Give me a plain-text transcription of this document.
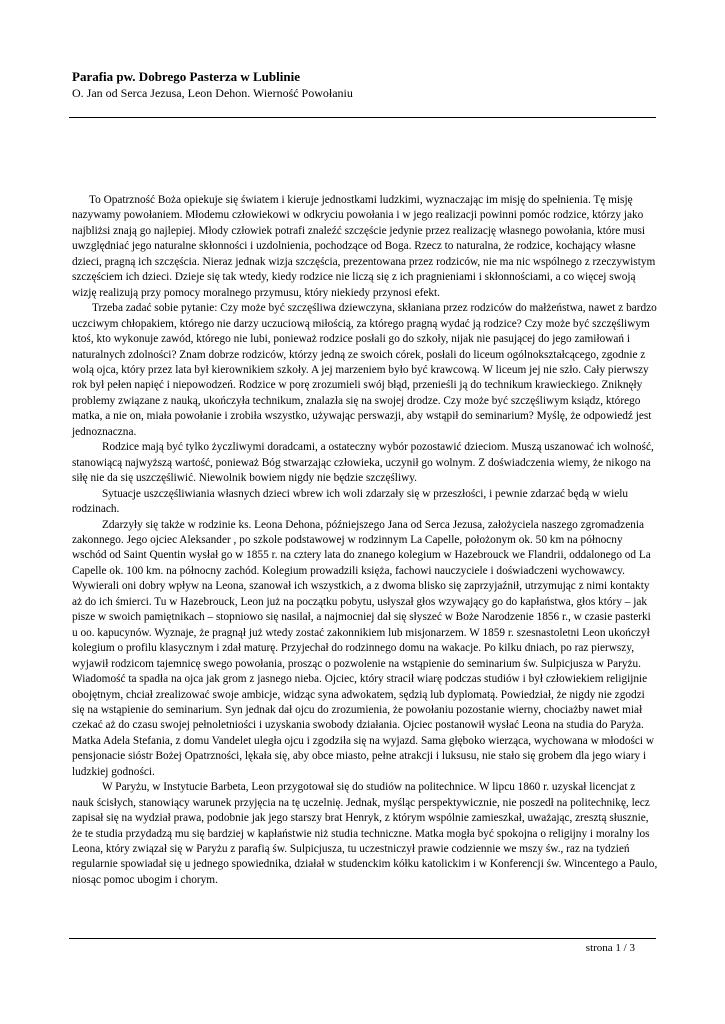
Parafia pw. Dobrego Pasterza w Lublinie
O. Jan od Serca Jezusa, Leon Dehon. Wierność Powołaniu

To Opatrzność Boża opiekuje się światem i kieruje jednostkami ludzkimi, wyznaczając im misję do spełnienia. Tę misję nazywamy powołaniem. Młodemu człowiekowi w odkryciu powołania i w jego realizacji powinni pomóc rodzice, którzy jako najbliżsi znają go najlepiej. Młody człowiek potrafi znaleźć szczęście jedynie przez realizację własnego powołania, które musi uwzględniać jego naturalne skłonności i uzdolnienia, pochodzące od Boga. Rzecz to naturalna, że rodzice, kochający własne dzieci, pragną ich szczęścia. Nieraz jednak wizja szczęścia, prezentowana przez rodziców, nie ma nic wspólnego z rzeczywistym szczęściem ich dzieci. Dzieje się tak wtedy, kiedy rodzice nie liczą się z ich pragnieniami i skłonnościami, a co więcej swoją wizję realizują przy pomocy moralnego przymusu, który niekiedy przynosi efekt.

Trzeba zadać sobie pytanie: Czy może być szczęśliwa dziewczyna, skłaniana przez rodziców do małżeństwa, nawet z bardzo uczciwym chłopakiem, którego nie darzy uczuciową miłością, za którego pragną wydać ją rodzice? Czy może być szczęśliwym ktoś, kto wykonuje zawód, którego nie lubi, ponieważ rodzice posłali go do szkoły, nijak nie pasującej do jego zamiłowań i naturalnych zdolności? Znam dobrze rodziców, którzy jedną ze swoich córek, posłali do liceum ogólnokształcącego, zgodnie z wolą ojca, który przez lata był kierownikiem szkoły. A jej marzeniem było być krawcową. W liceum jej nie szło. Cały pierwszy rok był pełen napięć i niepowodzeń. Rodzice w porę zrozumieli swój błąd, przenieśli ją do technikum krawieckiego. Zniknęły problemy związane z nauką, ukończyła technikum, znalazła się na swojej drodze. Czy może być szczęśliwym ksiądz, którego matka, a nie on, miała powołanie i zrobiła wszystko, używając perswazji, aby wstąpił do seminarium? Myślę, że odpowiedź jest jednoznaczna.

Rodzice mają być tylko życzliwymi doradcami, a ostateczny wybór pozostawić dzieciom. Muszą uszanować ich wolność, stanowiącą najwyższą wartość, ponieważ Bóg stwarzając człowieka, uczynił go wolnym. Z doświadczenia wiemy, że nikogo na siłę nie da się uszczęśliwić. Niewolnik bowiem nigdy nie będzie szczęśliwy.

Sytuacje uszczęśliwiania własnych dzieci wbrew ich woli zdarzały się w przeszłości, i pewnie zdarzać będą w wielu rodzinach.

Zdarzyły się także w rodzinie ks. Leona Dehona, późniejszego Jana od Serca Jezusa, założyciela naszego zgromadzenia zakonnego. Jego ojciec Aleksander , po szkole podstawowej w rodzinnym La Capelle, położonym ok. 50 km na północny wschód od Saint Quentin wysłał go w 1855 r. na cztery lata do znanego kolegium w Hazebrouck we Flandrii, oddalonego od La Capelle ok. 100 km. na północny zachód. Kolegium prowadzili księża, fachowi nauczyciele i doświadczeni wychowawcy. Wywierali oni dobry wpływ na Leona, szanował ich wszystkich, a z dwoma blisko się zaprzyjaźnił, utrzymując z nimi kontakty aż do ich śmierci. Tu w Hazebrouck, Leon już na początku pobytu, usłyszał głos wzywający go do kapłaństwa, głos który – jak pisze w swoich pamiętnikach – stopniowo się nasilał, a najmocniej dał się słyszeć w Boże Narodzenie 1856 r., w czasie pasterki u oo. kapucynów. Wyznaje, że pragnął już wtedy zostać zakonnikiem lub misjonarzem. W 1859 r. szesnastoletni Leon ukończył kolegium o profilu klasycznym i zdał maturę. Przyjechał do rodzinnego domu na wakacje. Po kilku dniach, po raz pierwszy, wyjawił rodzicom tajemnicę swego powołania, prosząc o pozwolenie na wstąpienie do seminarium św. Sulpicjusza w Paryżu. Wiadomość ta spadła na ojca jak grom z jasnego nieba. Ojciec, który stracił wiarę podczas studiów i był człowiekiem religijnie obojętnym, chciał zrealizować swoje ambicje, widząc syna adwokatem, sędzią lub dyplomatą. Powiedział, że nigdy nie zgodzi się na wstąpienie do seminarium. Syn jednak dał ojcu do zrozumienia, że powołaniu pozostanie wierny, chociażby nawet miał czekać aż do czasu swojej pełnoletniości i uzyskania swobody działania. Ojciec postanowił wysłać Leona na studia do Paryża. Matka Adela Stefania, z domu Vandelet uległa ojcu i zgodziła się na wyjazd. Sama głęboko wierząca, wychowana w młodości w pensjonacie sióstr Bożej Opatrzności, lękała się, aby obce miasto, pełne atrakcji i luksusu, nie stało się grobem dla jego wiary i ludzkiej godności.

W Paryżu, w Instytucie Barbeta, Leon przygotował się do studiów na politechnice. W lipcu 1860 r. uzyskał licencjat z nauk ścisłych, stanowiący warunek przyjęcia na tę uczelnię. Jednak, myśląc perspektywicznie, nie poszedł na politechnikę, lecz zapisał się na wydział prawa, podobnie jak jego starszy brat Henryk, z którym wspólnie zamieszkał, uważając, zresztą słusznie, że te studia przydadzą mu się bardziej w kapłaństwie niż studia techniczne. Matka mogła być spokojna o religijny i moralny los Leona, który związał się w Paryżu z parafią św. Sulpicjusza, tu uczestniczył prawie codziennie we mszy św., raz na tydzień regularnie spowiadał się u jednego spowiednika, działał w studenckim kółku katolickim i w Konferencji św. Wincentego a Paulo, niosąc pomoc ubogim i chorym.

strona 1 / 3
